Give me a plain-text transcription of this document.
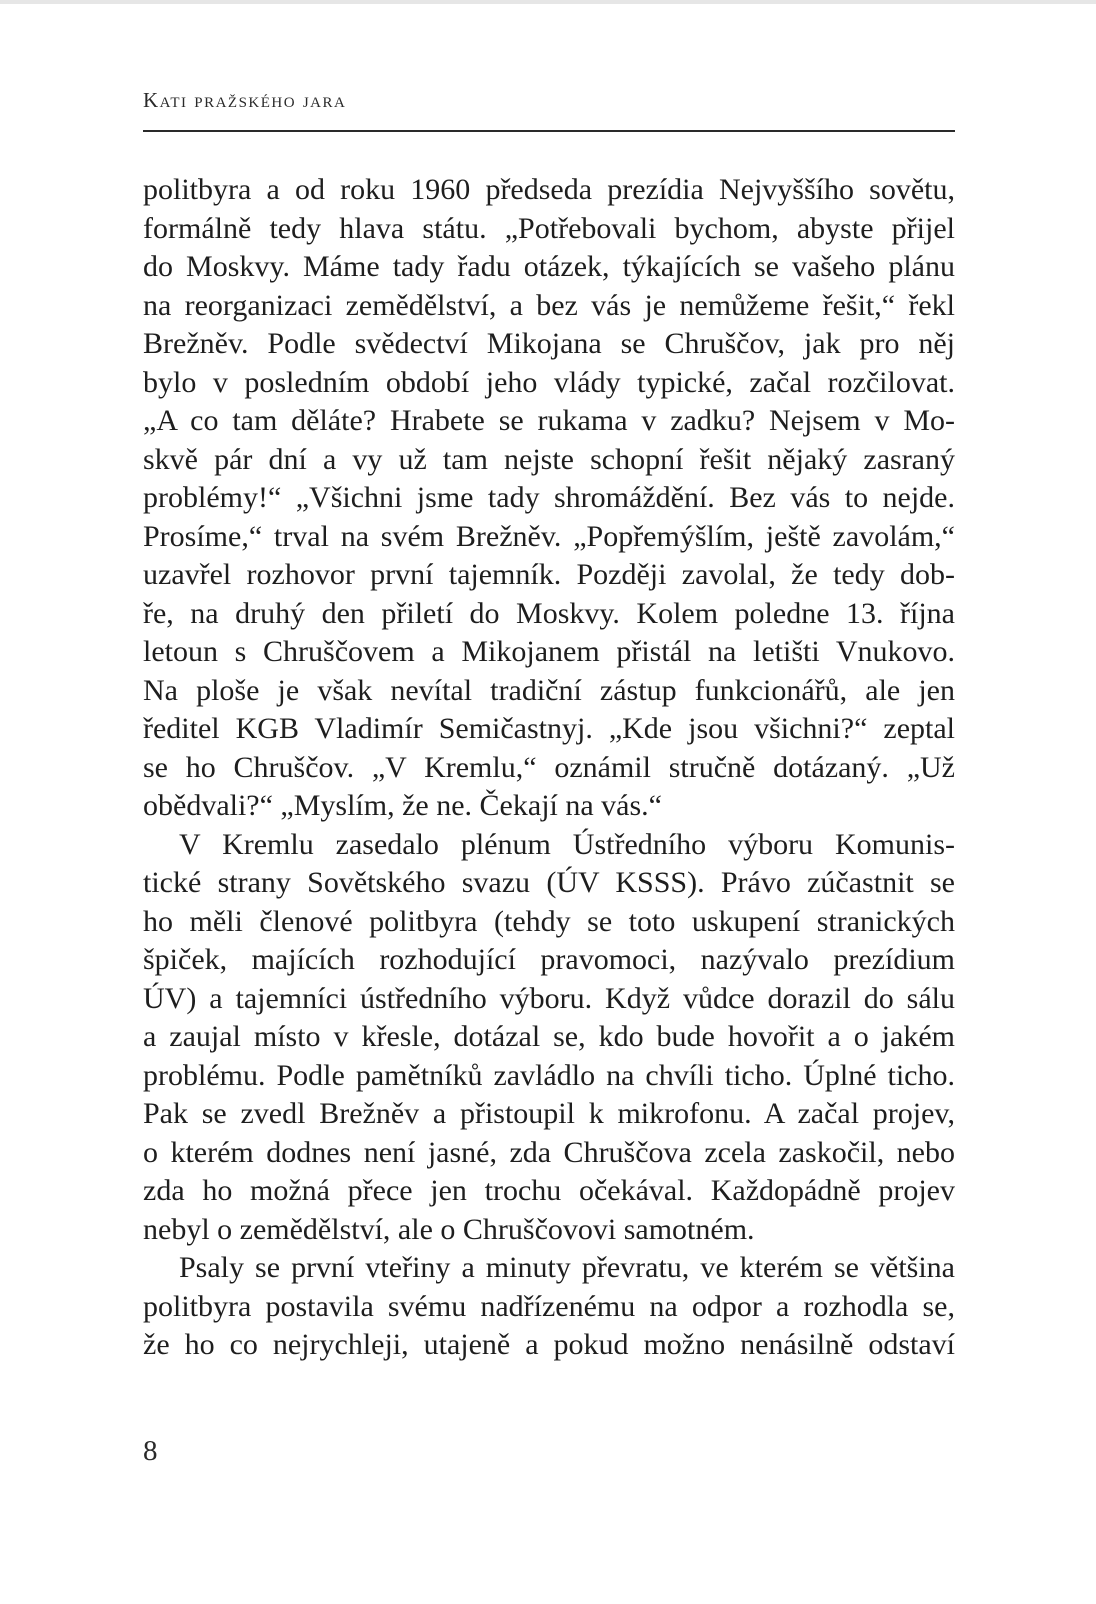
Kati pražského jara
politbyra a od roku 1960 předseda prezídia Nejvyššího sovětu,
formálně tedy hlava státu. „Potřebovali bychom, abyste přijel
do Moskvy. Máme tady řadu otázek, týkajících se vašeho plánu
na reorganizaci zemědělství, a bez vás je nemůžeme řešit,“ řekl
Brežněv. Podle svědectví Mikojana se Chruščov, jak pro něj
bylo v posledním období jeho vlády typické, začal rozčilovat.
„A co tam děláte? Hrabete se rukama v zadku? Nejsem v Mo-
skvě pár dní a vy už tam nejste schopní řešit nějaký zasraný
problémy!“ „Všichni jsme tady shromáždění. Bez vás to nejde.
Prosíme,“ trval na svém Brežněv. „Popřemýšlím, ještě zavolám,“
uzavřel rozhovor první tajemník. Později zavolal, že tedy dob-
ře, na druhý den přiletí do Moskvy. Kolem poledne 13. října
letoun s Chruščovem a Mikojanem přistál na letišti Vnukovo.
Na ploše je však nevítal tradiční zástup funkcionářů, ale jen
ředitel KGB Vladimír Semičastnyj. „Kde jsou všichni?“ zeptal
se ho Chruščov. „V Kremlu,“ oznámil stručně dotázaný. „Už
obědvali?“ „Myslím, že ne. Čekají na vás.“
V Kremlu zasedalo plénum Ústředního výboru Komunis-
tické strany Sovětského svazu (ÚV KSSS). Právo zúčastnit se
ho měli členové politbyra (tehdy se toto uskupení stranických
špiček, majících rozhodující pravomoci, nazývalo prezídium
ÚV) a tajemníci ústředního výboru. Když vůdce dorazil do sálu
a zaujal místo v křesle, dotázal se, kdo bude hovořit a o jakém
problému. Podle pamětníků zavládlo na chvíli ticho. Úplné ticho.
Pak se zvedl Brežněv a přistoupil k mikrofonu. A začal projev,
o kterém dodnes není jasné, zda Chruščova zcela zaskočil, nebo
zda ho možná přece jen trochu očekával. Každopádně projev
nebyl o zemědělství, ale o Chruščovovi samotném.
Psaly se první vteřiny a minuty převratu, ve kterém se většina
politbyra postavila svému nadřízenému na odpor a rozhodla se,
že ho co nejrychleji, utajeně a pokud možno nenásilně odstaví
8
